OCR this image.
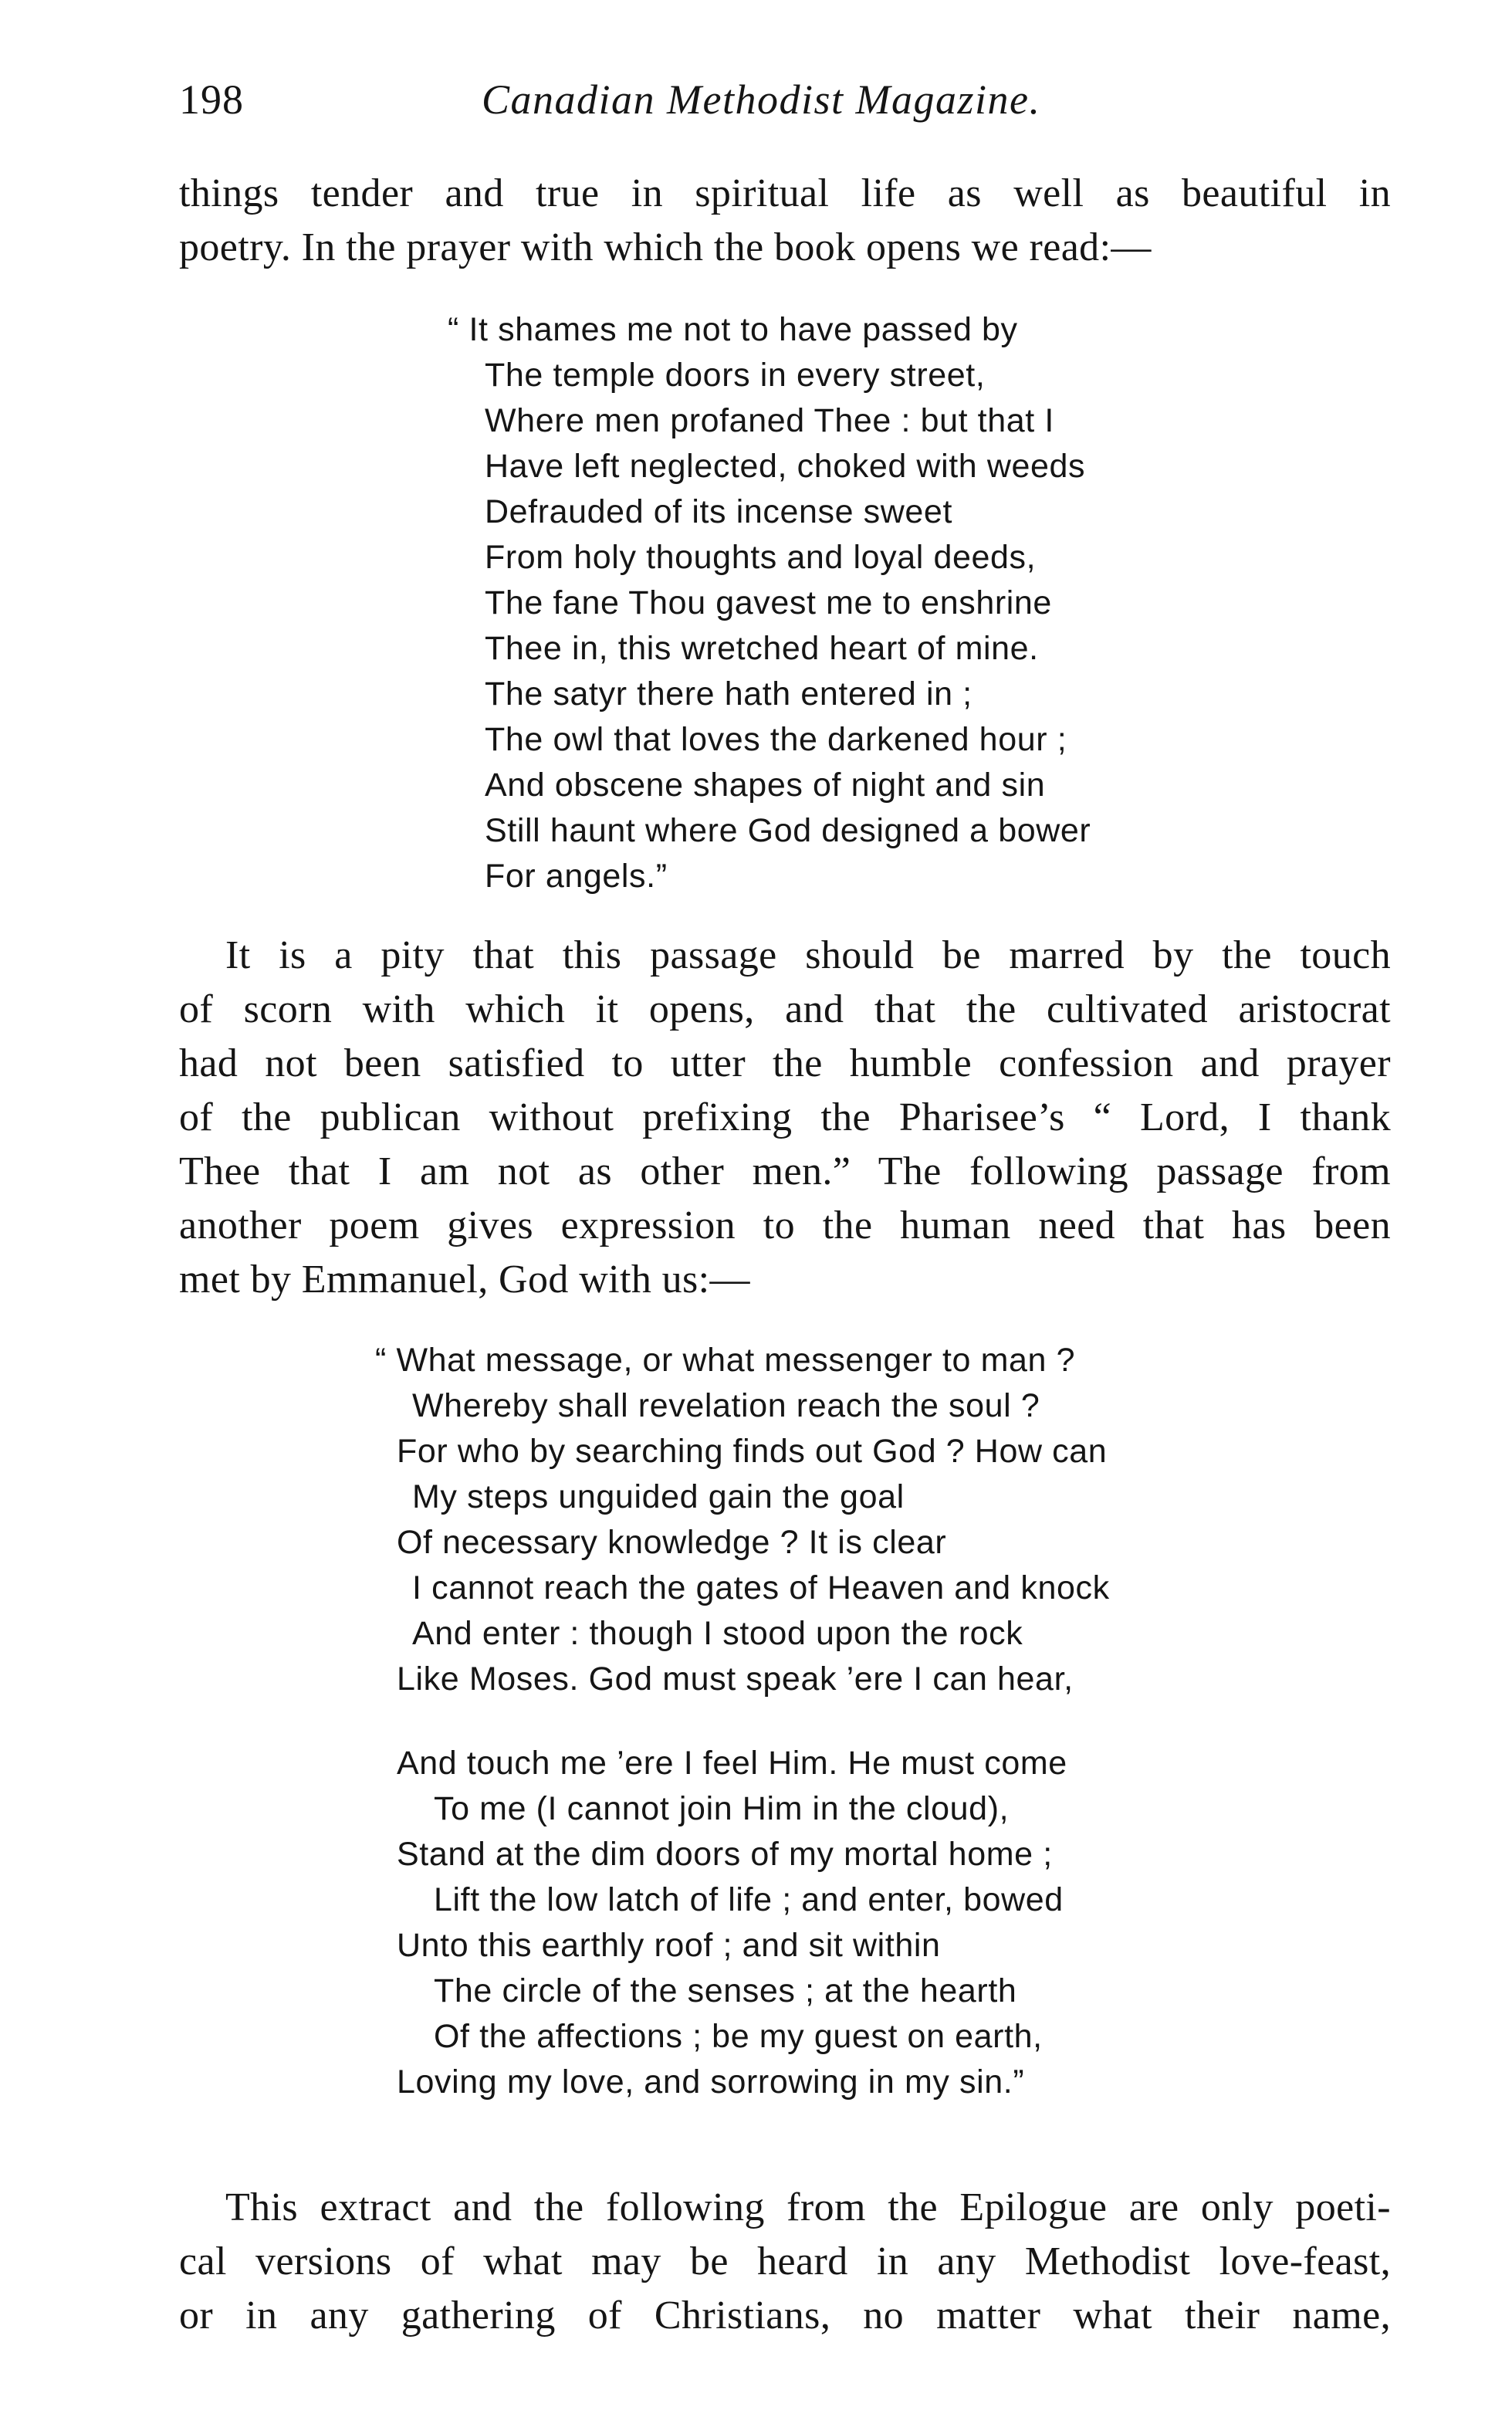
198	Canadian Methodist Magazine.
things tender and true in spiritual life as well as beautiful in
poetry. In the prayer with which the book opens we read:—
“ It shames me not to have passed by
The temple doors in every street,
Where men profaned Thee : but that I
Have left neglected, choked with weeds
Defrauded of its incense sweet
From holy thoughts and loyal deeds,
The fane Thou gavest me to enshrine
Thee in, this wretched heart of mine.
The satyr there hath entered in ;
The owl that loves the darkened hour ;
And obscene shapes of night and sin
Still haunt where God designed a bower
For angels.”
It is a pity that this passage should be marred by the touch
of scorn with which it opens, and that the cultivated aristocrat
had not been satisfied to utter the humble confession and prayer
of the publican without prefixing the Pharisee’s “ Lord, I thank
Thee that I am not as other men.” The following passage from
another poem gives expression to the human need that has been
met by Emmanuel, God with us:—
“ What message, or what messenger to man ?
Whereby shall revelation reach the soul ?
For who by searching finds out God ? How can
My steps unguided gain the goal
Of necessary knowledge ? It is clear
I cannot reach the gates of Heaven and knock
And enter : though I stood upon the rock
Like Moses. God must speak ’ere I can hear,
And touch me ’ere I feel Him. He must come
To me (I cannot join Him in the cloud),
Stand at the dim doors of my mortal home ;
Lift the low latch of life ; and enter, bowed
Unto this earthly roof ; and sit within
The circle of the senses ; at the hearth
Of the affections ; be my guest on earth,
Loving my love, and sorrowing in my sin.”
This extract and the following from the Epilogue are only poeti-
cal versions of what may be heard in any Methodist love-feast,
or in any gathering of Christians, no matter what their name,
